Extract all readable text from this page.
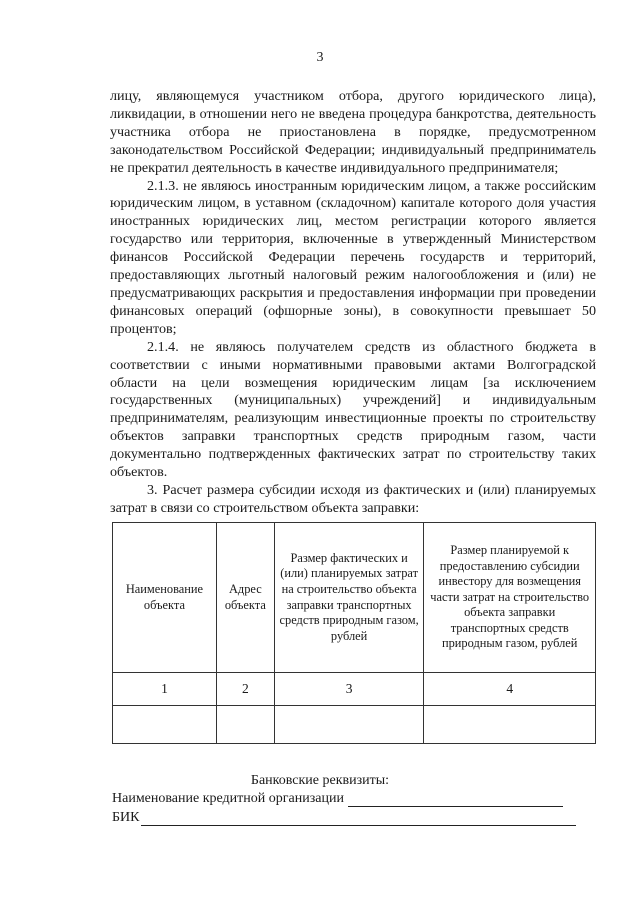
3

лицу, являющемуся участником отбора, другого юридического лица), ликвидации, в отношении него не введена процедура банкротства, деятельность участника отбора не приостановлена в порядке, предусмотренном законодательством Российской Федерации; индивидуальный предприниматель не прекратил деятельность в качестве индивидуального предпринимателя;

2.1.3. не являюсь иностранным юридическим лицом, а также российским юридическим лицом, в уставном (складочном) капитале которого доля участия иностранных юридических лиц, местом регистрации которого является государство или территория, включенные в утвержденный Министерством финансов Российской Федерации перечень государств и территорий, предоставляющих льготный налоговый режим налогообложения и (или) не предусматривающих раскрытия и предоставления информации при проведении финансовых операций (офшорные зоны), в совокупности превышает 50 процентов;

2.1.4. не являюсь получателем средств из областного бюджета в соответствии с иными нормативными правовыми актами Волгоградской области на цели возмещения юридическим лицам [за исключением государственных (муниципальных) учреждений] и индивидуальным предпринимателям, реализующим инвестиционные проекты по строительству объектов заправки транспортных средств природным газом, части документально подтвержденных фактических затрат по строительству таких объектов.

3. Расчет размера субсидии исходя из фактических и (или) планируемых затрат в связи со строительством объекта заправки:

Наименование объекта	Адрес объекта	Размер фактических и (или) планируемых затрат на строительство объекта заправки транспортных средств природным газом, рублей	Размер планируемой к предоставлению субсидии инвестору для возмещения части затрат на строительство объекта заправки транспортных средств природным газом, рублей
1	2	3	4

Банковские реквизиты:
Наименование кредитной организации
БИК
